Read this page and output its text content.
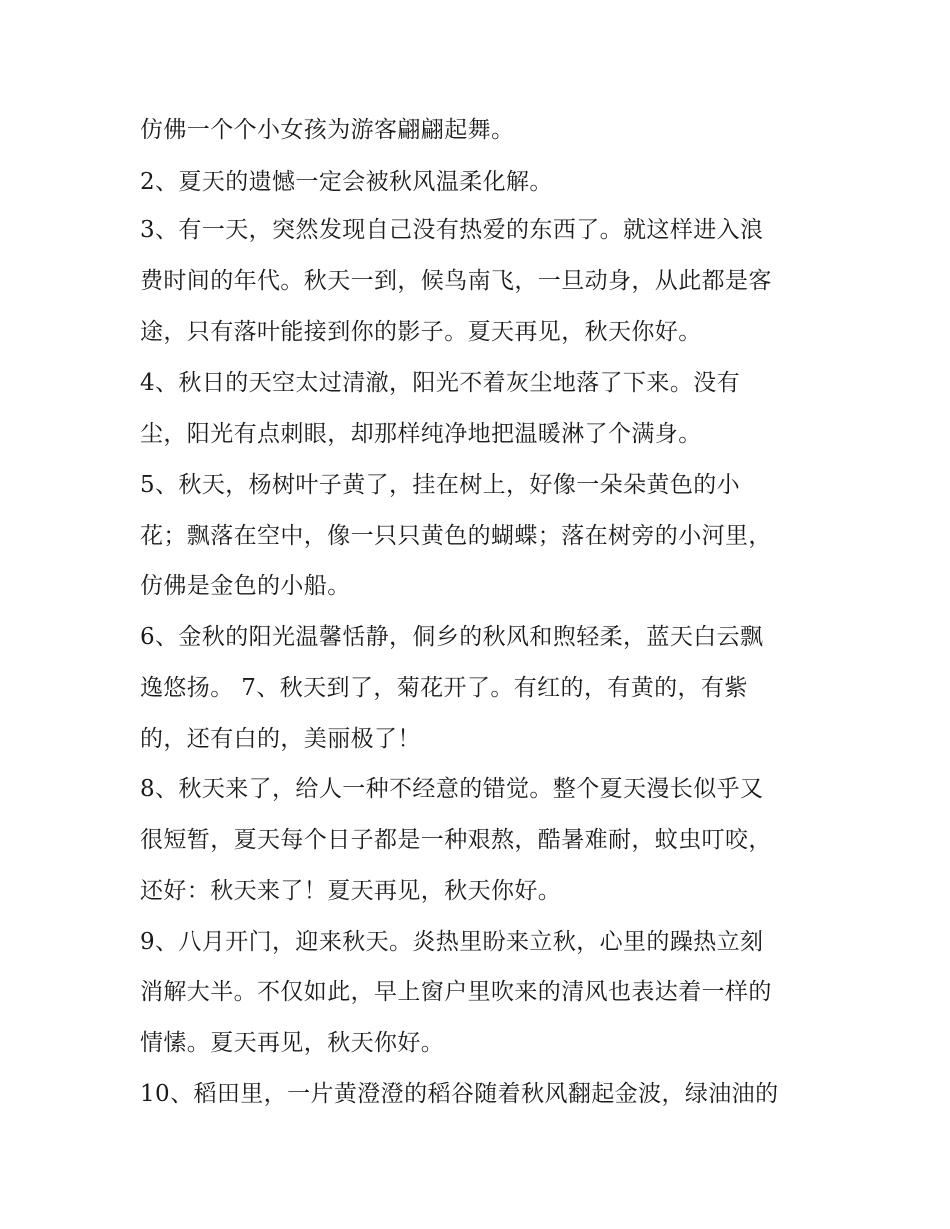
仿佛一个个小女孩为游客翩翩起舞。

2、夏天的遗憾一定会被秋风温柔化解。

3、有一天，突然发现自己没有热爱的东西了。就这样进入浪

费时间的年代。秋天一到，候鸟南飞，一旦动身，从此都是客

途，只有落叶能接到你的影子。夏天再见，秋天你好。

4、秋日的天空太过清澈，阳光不着灰尘地落了下来。没有

尘，阳光有点刺眼，却那样纯净地把温暖淋了个满身。

5、秋天，杨树叶子黄了，挂在树上，好像一朵朵黄色的小

花；飘落在空中，像一只只黄色的蝴蝶；落在树旁的小河里，

仿佛是金色的小船。

6、金秋的阳光温馨恬静，侗乡的秋风和煦轻柔，蓝天白云飘

逸悠扬。 7、秋天到了，菊花开了。有红的，有黄的，有紫

的，还有白的，美丽极了！

8、秋天来了，给人一种不经意的错觉。整个夏天漫长似乎又

很短暂，夏天每个日子都是一种艰熬，酷暑难耐，蚊虫叮咬，

还好：秋天来了！夏天再见，秋天你好。

9、八月开门，迎来秋天。炎热里盼来立秋，心里的躁热立刻

消解大半。不仅如此，早上窗户里吹来的清风也表达着一样的

情愫。夏天再见，秋天你好。

10、稻田里，一片黄澄澄的稻谷随着秋风翻起金波，绿油油的
